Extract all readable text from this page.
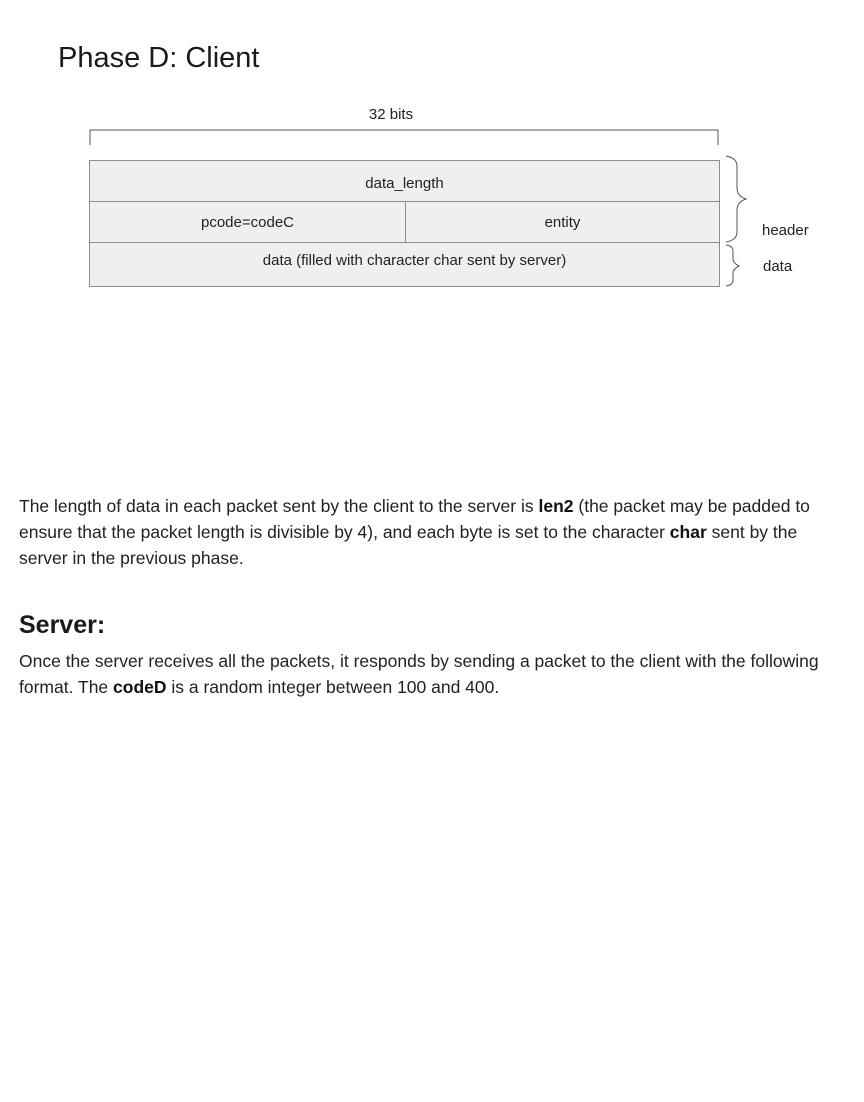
Phase D: Client
32 bits
data_length
pcode=codeC	entity
data (filled with character char sent by server)
header
data

The length of data in each packet sent by the client to the server is len2 (the packet may be padded to ensure that the packet length is divisible by 4), and each byte is set to the character char sent by the server in the previous phase.

Server:

Once the server receives all the packets, it responds by sending a packet to the client with the following format. The codeD is a random integer between 100 and 400.
